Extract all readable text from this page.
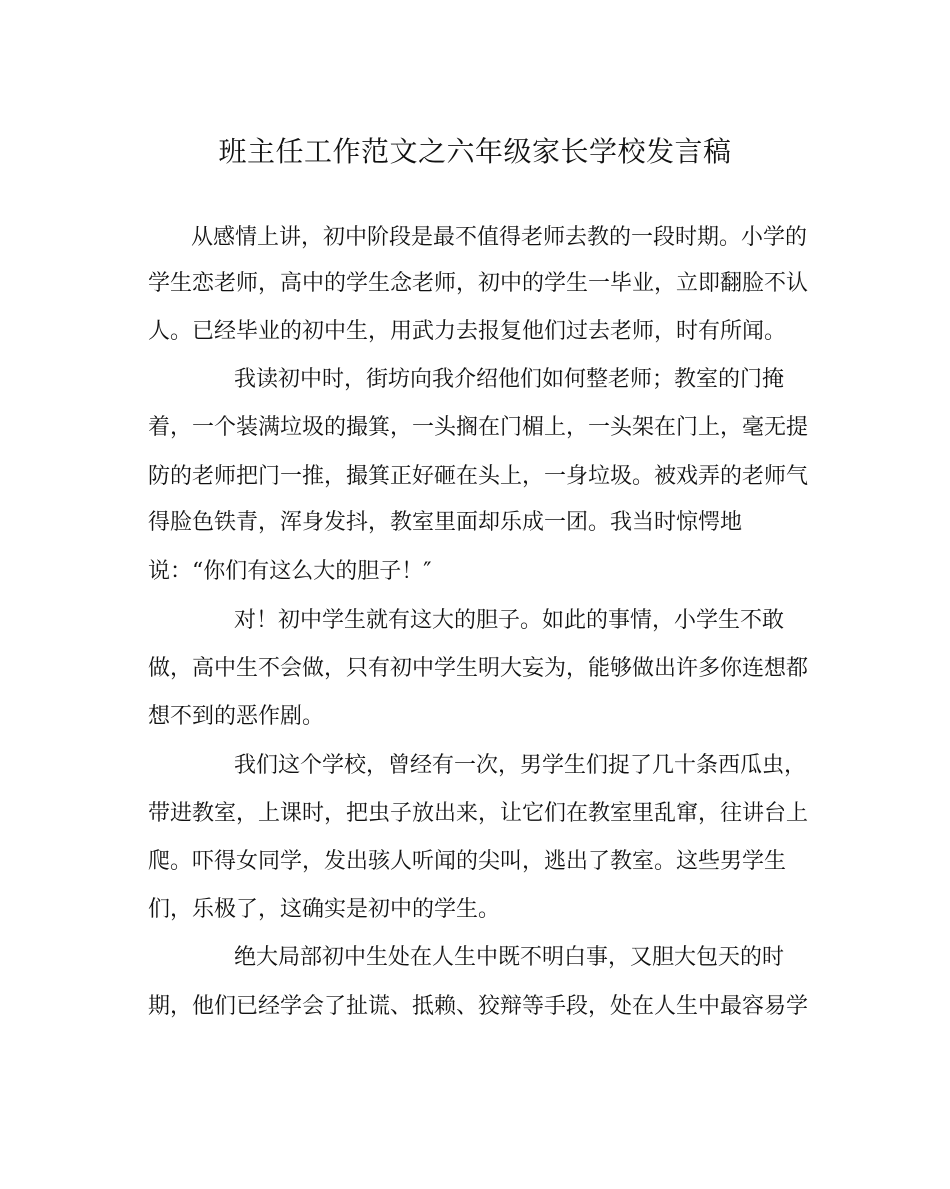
班主任工作范文之六年级家长学校发言稿
从感情上讲，初中阶段是最不值得老师去教的一段时期。小学的
学生恋老师，高中的学生念老师，初中的学生一毕业，立即翻脸不认
人。已经毕业的初中生，用武力去报复他们过去老师，时有所闻。
我读初中时，街坊向我介绍他们如何整老师；教室的门掩
着，一个装满垃圾的撮箕，一头搁在门楣上，一头架在门上，毫无提
防的老师把门一推，撮箕正好砸在头上，一身垃圾。被戏弄的老师气
得脸色铁青，浑身发抖，教室里面却乐成一团。我当时惊愕地
说：“你们有这么大的胆子！″
对！初中学生就有这大的胆子。如此的事情，小学生不敢
做，高中生不会做，只有初中学生明大妄为，能够做出许多你连想都
想不到的恶作剧。
我们这个学校，曾经有一次，男学生们捉了几十条西瓜虫，
带进教室，上课时，把虫子放出来，让它们在教室里乱窜，往讲台上
爬。吓得女同学，发出骇人听闻的尖叫，逃出了教室。这些男学生
们，乐极了，这确实是初中的学生。
绝大局部初中生处在人生中既不明白事，又胆大包天的时
期，他们已经学会了扯谎、抵赖、狡辩等手段，处在人生中最容易学
